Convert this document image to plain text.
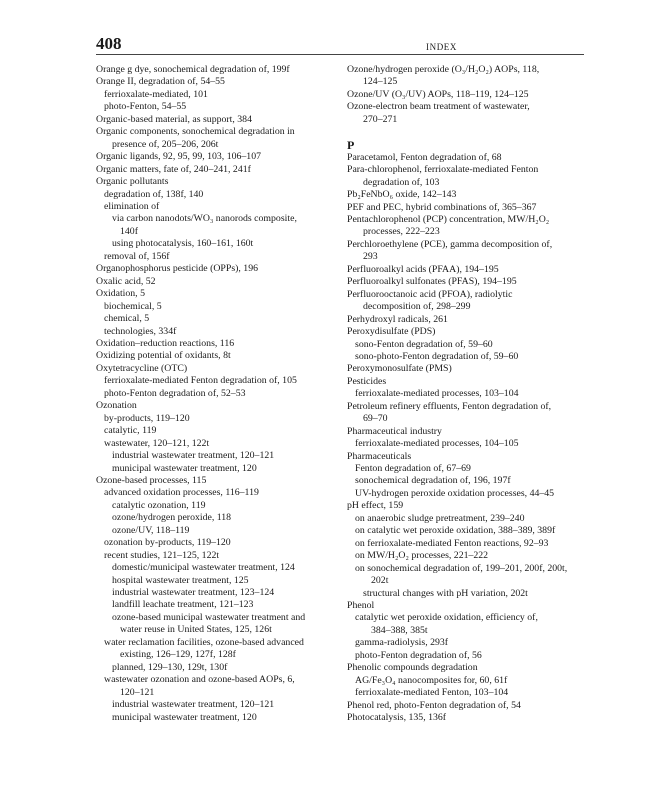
408	INDEX
Orange g dye, sonochemical degradation of, 199f
Orange II, degradation of, 54–55
ferrioxalate-mediated, 101
photo-Fenton, 54–55
Organic-based material, as support, 384
Organic components, sonochemical degradation in
presence of, 205–206, 206t
Organic ligands, 92, 95, 99, 103, 106–107
Organic matters, fate of, 240–241, 241f
Organic pollutants
degradation of, 138f, 140
elimination of
via carbon nanodots/WO₃ nanorods composite,
140f
using photocatalysis, 160–161, 160t
removal of, 156f
Organophosphorus pesticide (OPPs), 196
Oxalic acid, 52
Oxidation, 5
biochemical, 5
chemical, 5
technologies, 334f
Oxidation–reduction reactions, 116
Oxidizing potential of oxidants, 8t
Oxytetracycline (OTC)
ferrioxalate-mediated Fenton degradation of, 105
photo-Fenton degradation of, 52–53
Ozonation
by-products, 119–120
catalytic, 119
wastewater, 120–121, 122t
industrial wastewater treatment, 120–121
municipal wastewater treatment, 120
Ozone-based processes, 115
advanced oxidation processes, 116–119
catalytic ozonation, 119
ozone/hydrogen peroxide, 118
ozone/UV, 118–119
ozonation by-products, 119–120
recent studies, 121–125, 122t
domestic/municipal wastewater treatment, 124
hospital wastewater treatment, 125
industrial wastewater treatment, 123–124
landfill leachate treatment, 121–123
ozone-based municipal wastewater treatment and
water reuse in United States, 125, 126t
water reclamation facilities, ozone-based advanced
existing, 126–129, 127f, 128f
planned, 129–130, 129t, 130f
wastewater ozonation and ozone-based AOPs, 6,
120–121
industrial wastewater treatment, 120–121
municipal wastewater treatment, 120
Ozone/hydrogen peroxide (O₃/H₂O₂) AOPs, 118,
124–125
Ozone/UV (O₃/UV) AOPs, 118–119, 124–125
Ozone-electron beam treatment of wastewater,
270–271
P
Paracetamol, Fenton degradation of, 68
Para-chlorophenol, ferrioxalate-mediated Fenton
degradation of, 103
Pb₂FeNbO₆ oxide, 142–143
PEF and PEC, hybrid combinations of, 365–367
Pentachlorophenol (PCP) concentration, MW/H₂O₂
processes, 222–223
Perchloroethylene (PCE), gamma decomposition of,
293
Perfluoroalkyl acids (PFAA), 194–195
Perfluoroalkyl sulfonates (PFAS), 194–195
Perfluorooctanoic acid (PFOA), radiolytic
decomposition of, 298–299
Perhydroxyl radicals, 261
Peroxydisulfate (PDS)
sono-Fenton degradation of, 59–60
sono-photo-Fenton degradation of, 59–60
Peroxymonosulfate (PMS)
Pesticides
ferrioxalate-mediated processes, 103–104
Petroleum refinery effluents, Fenton degradation of,
69–70
Pharmaceutical industry
ferrioxalate-mediated processes, 104–105
Pharmaceuticals
Fenton degradation of, 67–69
sonochemical degradation of, 196, 197f
UV-hydrogen peroxide oxidation processes, 44–45
pH effect, 159
on anaerobic sludge pretreatment, 239–240
on catalytic wet peroxide oxidation, 388–389, 389f
on ferrioxalate-mediated Fenton reactions, 92–93
on MW/H₂O₂ processes, 221–222
on sonochemical degradation of, 199–201, 200f, 200t,
202t
structural changes with pH variation, 202t
Phenol
catalytic wet peroxide oxidation, efficiency of,
384–388, 385t
gamma-radiolysis, 293f
photo-Fenton degradation of, 56
Phenolic compounds degradation
AG/Fe₃O₄ nanocomposites for, 60, 61f
ferrioxalate-mediated Fenton, 103–104
Phenol red, photo-Fenton degradation of, 54
Photocatalysis, 135, 136f
